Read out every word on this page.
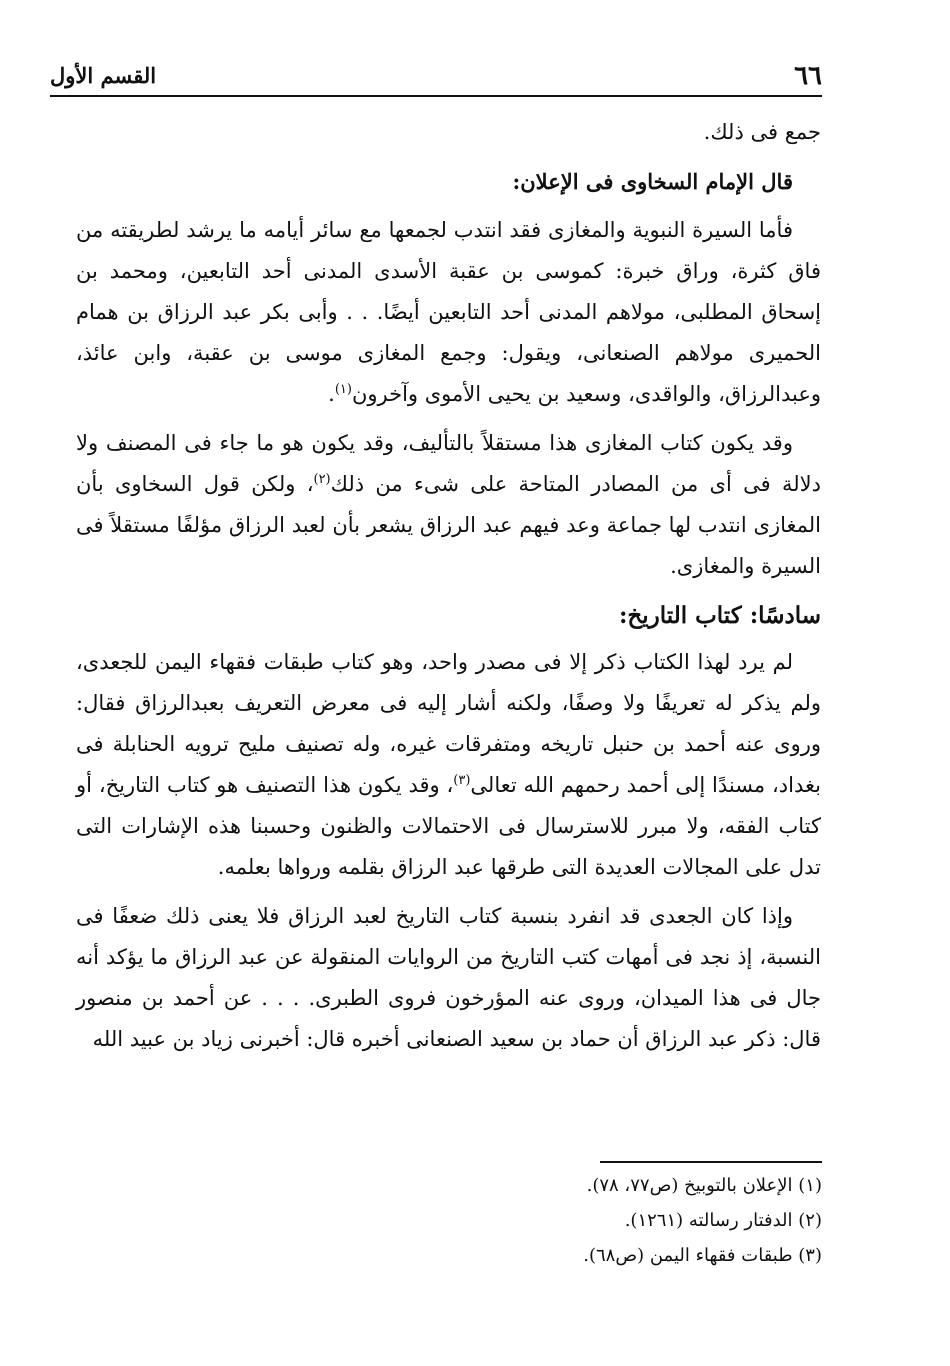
٦٦
القسم الأول

جمع فى ذلك.

قال الإمام السخاوى فى الإعلان:

فأما السيرة النبوية والمغازى فقد انتدب لجمعها مع سائر أيامه ما يرشد لطريقته من فاق كثرة، وراق خبرة: كموسى بن عقبة الأسدى المدنى أحد التابعين، ومحمد بن إسحاق المطلبى، مولاهم المدنى أحد التابعين أيضًا. . . وأبى بكر عبد الرزاق بن همام الحميرى مولاهم الصنعانى، ويقول: وجمع المغازى موسى بن عقبة، وابن عائذ، وعبدالرزاق، والواقدى، وسعيد بن يحيى الأموى وآخرون$^{(١)}$.

وقد يكون كتاب المغازى هذا مستقلاً بالتأليف، وقد يكون هو ما جاء فى المصنف ولا دلالة فى أى من المصادر المتاحة على شىء من ذلك$^{(٢)}$، ولكن قول السخاوى بأن المغازى انتدب لها جماعة وعد فيهم عبد الرزاق يشعر بأن لعبد الرزاق مؤلفًا مستقلاً فى السيرة والمغازى.

سادسًا: كتاب التاريخ:

لم يرد لهذا الكتاب ذكر إلا فى مصدر واحد، وهو كتاب طبقات فقهاء اليمن للجعدى، ولم يذكر له تعريفًا ولا وصفًا، ولكنه أشار إليه فى معرض التعريف بعبدالرزاق فقال: وروى عنه أحمد بن حنبل تاريخه ومتفرقات غيره، وله تصنيف مليح ترويه الحنابلة فى بغداد، مسندًا إلى أحمد رحمهم الله تعالى$^{(٣)}$، وقد يكون هذا التصنيف هو كتاب التاريخ، أو كتاب الفقه، ولا مبرر للاسترسال فى الاحتمالات والظنون وحسبنا هذه الإشارات التى تدل على المجالات العديدة التى طرقها عبد الرزاق بقلمه ورواها بعلمه.

وإذا كان الجعدى قد انفرد بنسبة كتاب التاريخ لعبد الرزاق فلا يعنى ذلك ضعفًا فى النسبة، إذ نجد فى أمهات كتب التاريخ من الروايات المنقولة عن عبد الرزاق ما يؤكد أنه جال فى هذا الميدان، وروى عنه المؤرخون فروى الطبرى. . . . عن أحمد بن منصور قال: ذكر عبد الرزاق أن حماد بن سعيد الصنعانى أخبره قال: أخبرنى زياد بن عبيد الله

(١) الإعلان بالتوبيخ (ص٧٧، ٧٨).
(٢) الدفتار رسالته (١٢٦١).
(٣) طبقات فقهاء اليمن (ص٦٨).
